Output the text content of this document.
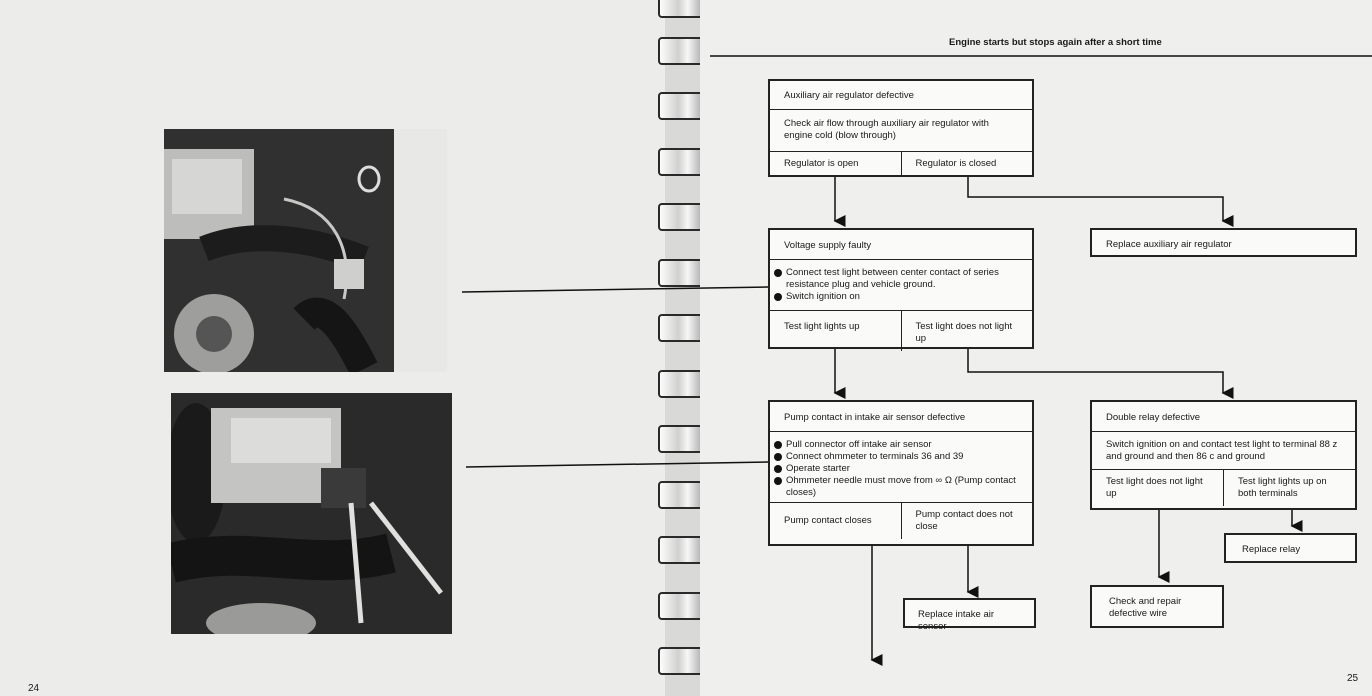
24
Engine starts but stops again after a short time
Auxiliary air regulator defective
Check air flow through auxiliary air regulator with engine cold (blow through)
Regulator is open	Regulator is closed
Replace auxiliary air regulator
Voltage supply faulty
Connect test light between center contact of series resistance plug and vehicle ground.
Switch ignition on
Test light lights up	Test light does not light up
Pump contact in intake air sensor defective
Pull connector off intake air sensor
Connect ohmmeter to terminals 36 and 39
Operate starter
Ohmmeter needle must move from ∞ Ω (Pump contact closes)
Pump contact closes
Pump contact does not close
Replace intake air sensor
Double relay defective
Switch ignition on and contact test light to terminal 88 z and ground and then 86 c and ground
Test light does not light up
Test light lights up on both terminals
Replace relay
Check and repair defective wire
25
